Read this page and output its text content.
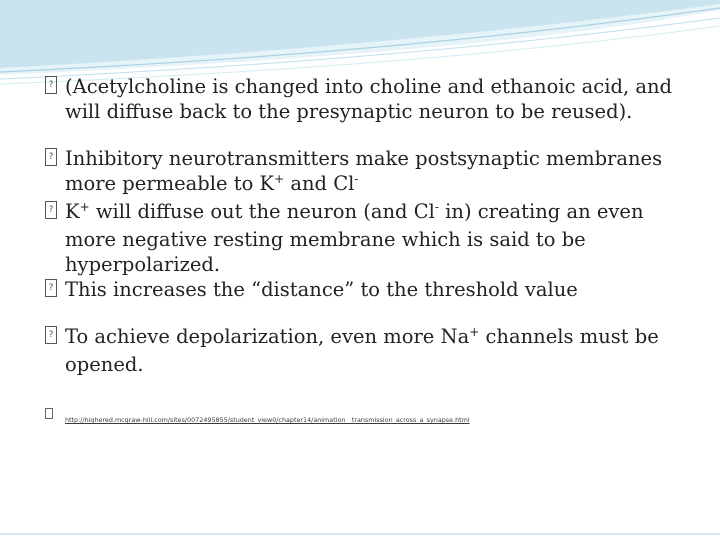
? (Acetylcholine is changed into choline and ethanoic acid, and will diffuse back to the presynaptic neuron to be reused).
? Inhibitory neurotransmitters make postsynaptic membranes more permeable to K+ and Cl-
? K+ will diffuse out the neuron (and Cl- in) creating an even more negative resting membrane which is said to be hyperpolarized.
? This increases the “distance” to the threshold value
? To achieve depolarization, even more Na+ channels must be opened.
http://highered.mcgraw-hill.com/sites/0072495855/student_view0/chapter14/animation__transmission_across_a_synapse.html
